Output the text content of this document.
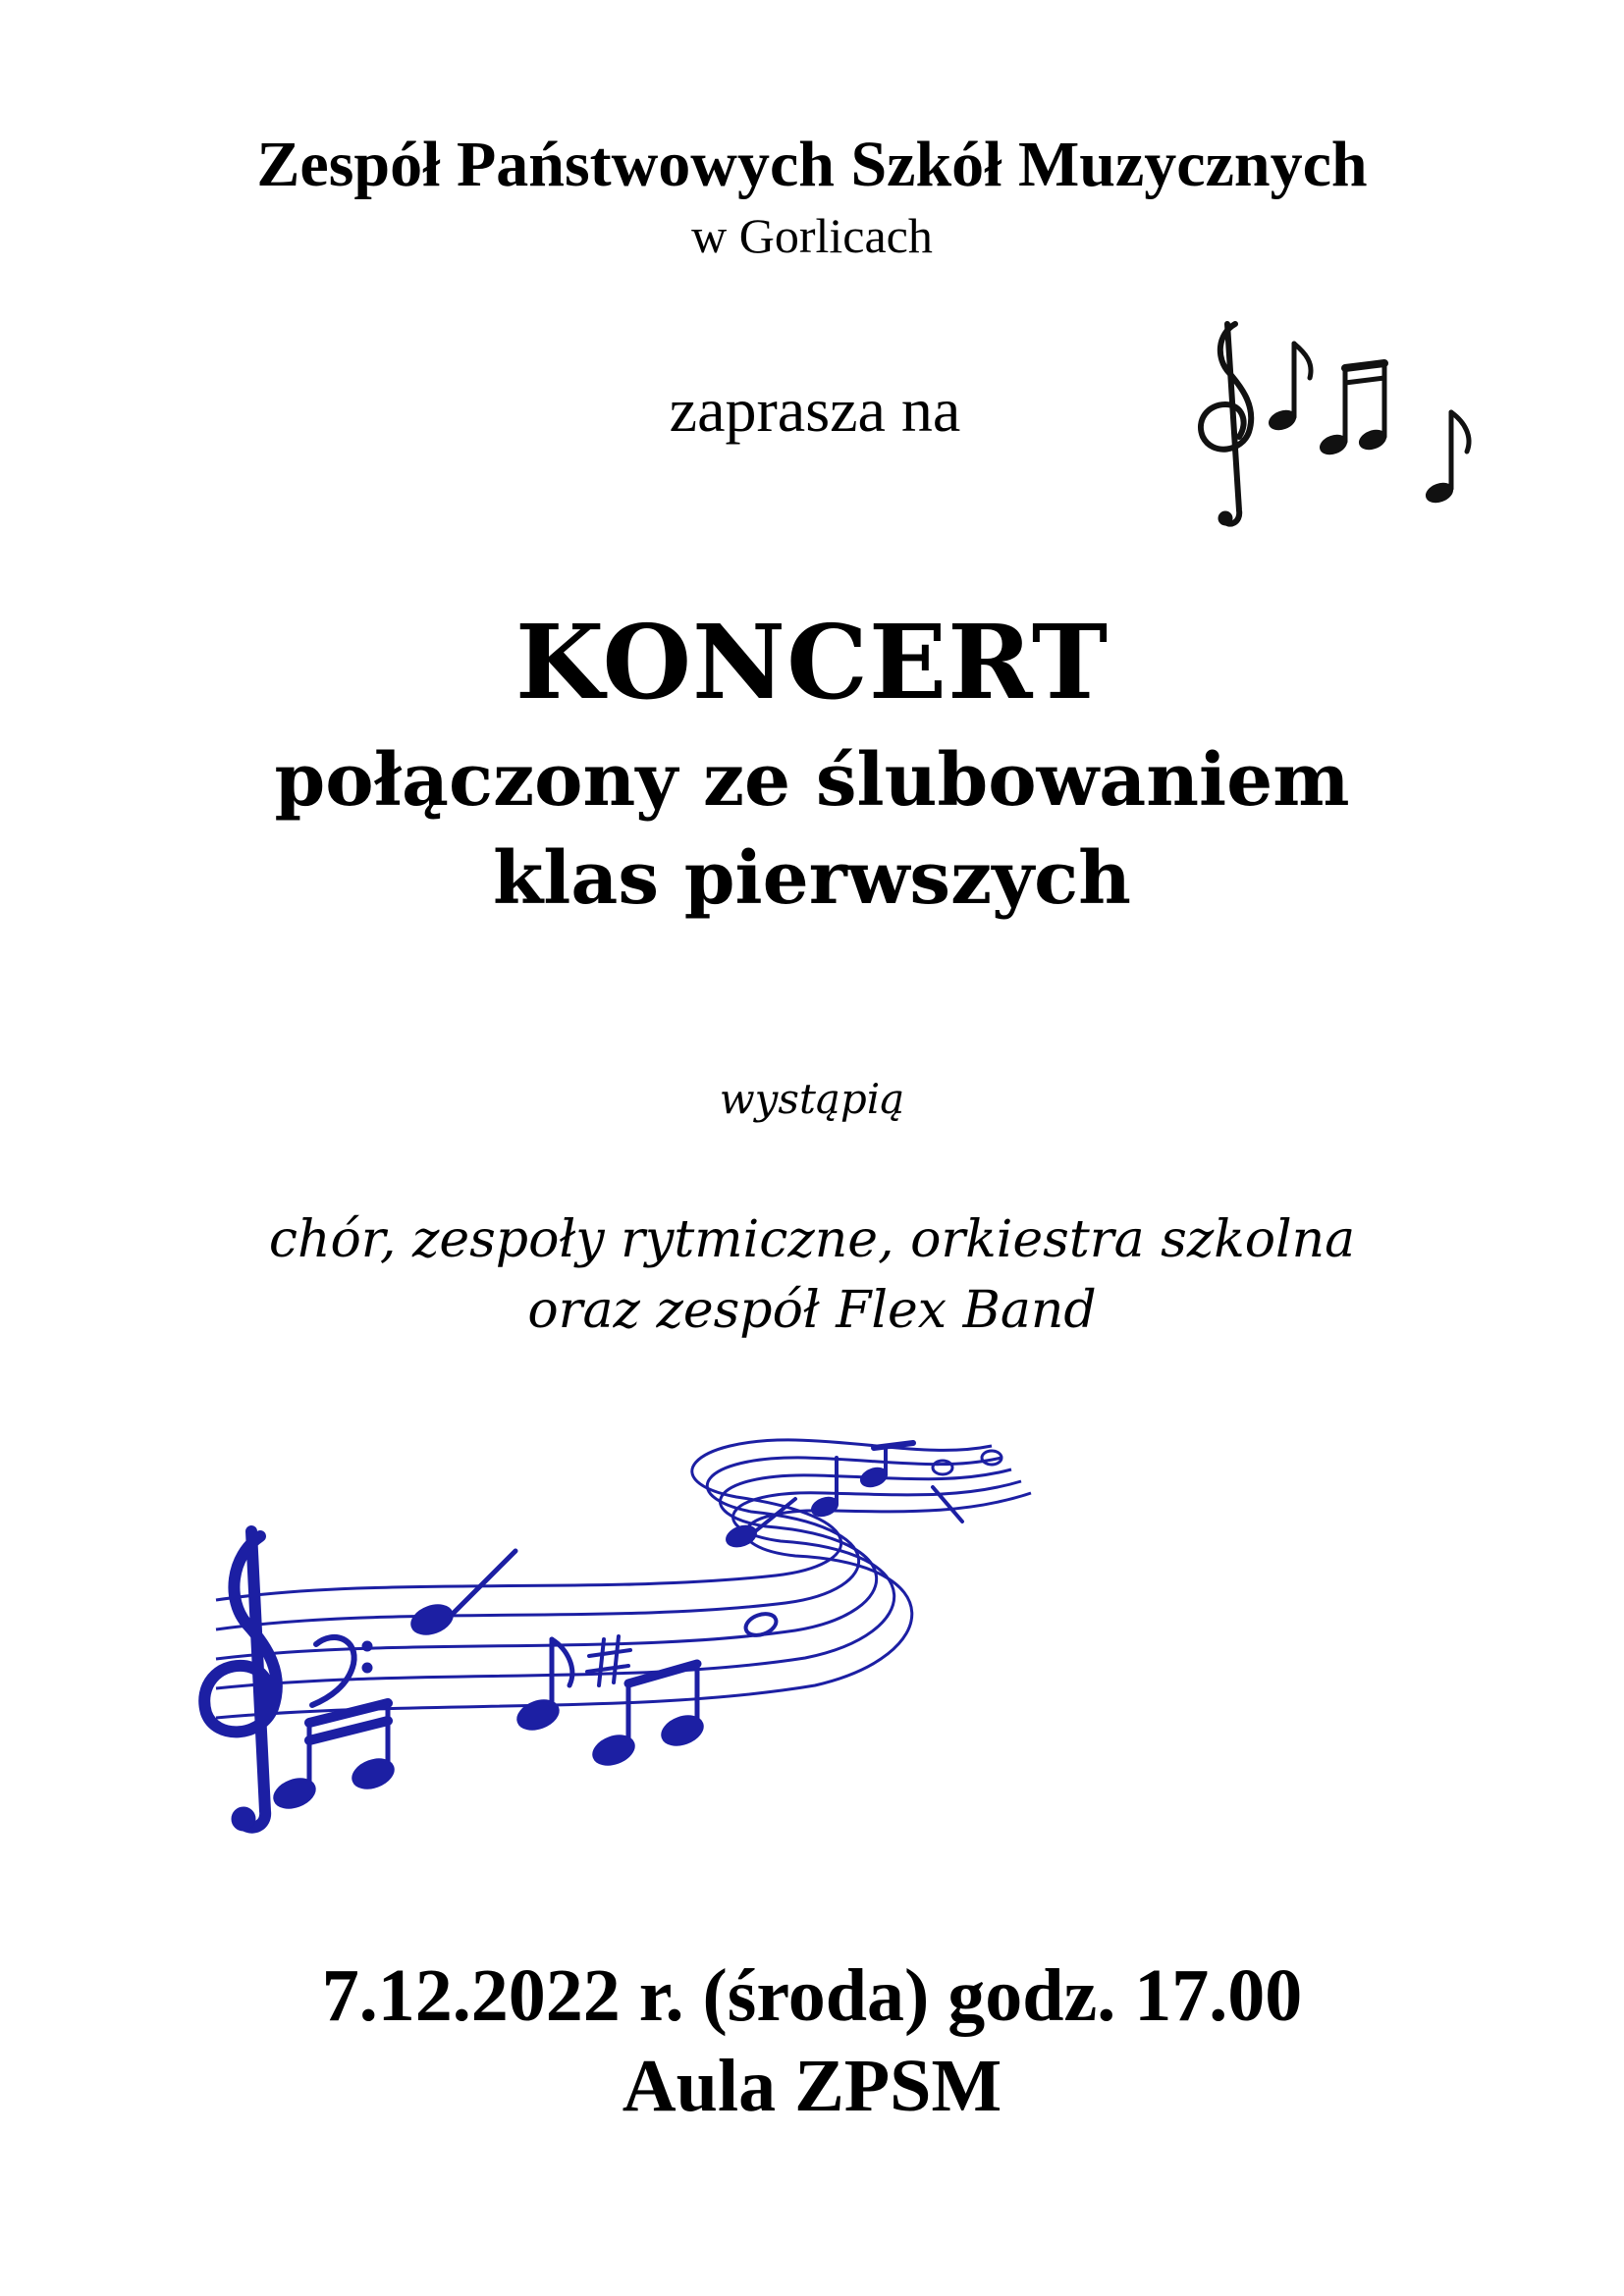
Zespół Państwowych Szkół Muzycznych
w Gorlicach
zaprasza na
KONCERT
połączony ze ślubowaniem
klas pierwszych
wystąpią
chór, zespoły rytmiczne, orkiestra szkolna
oraz zespół Flex Band
7.12.2022 r. (środa) godz. 17.00
Aula ZPSM
